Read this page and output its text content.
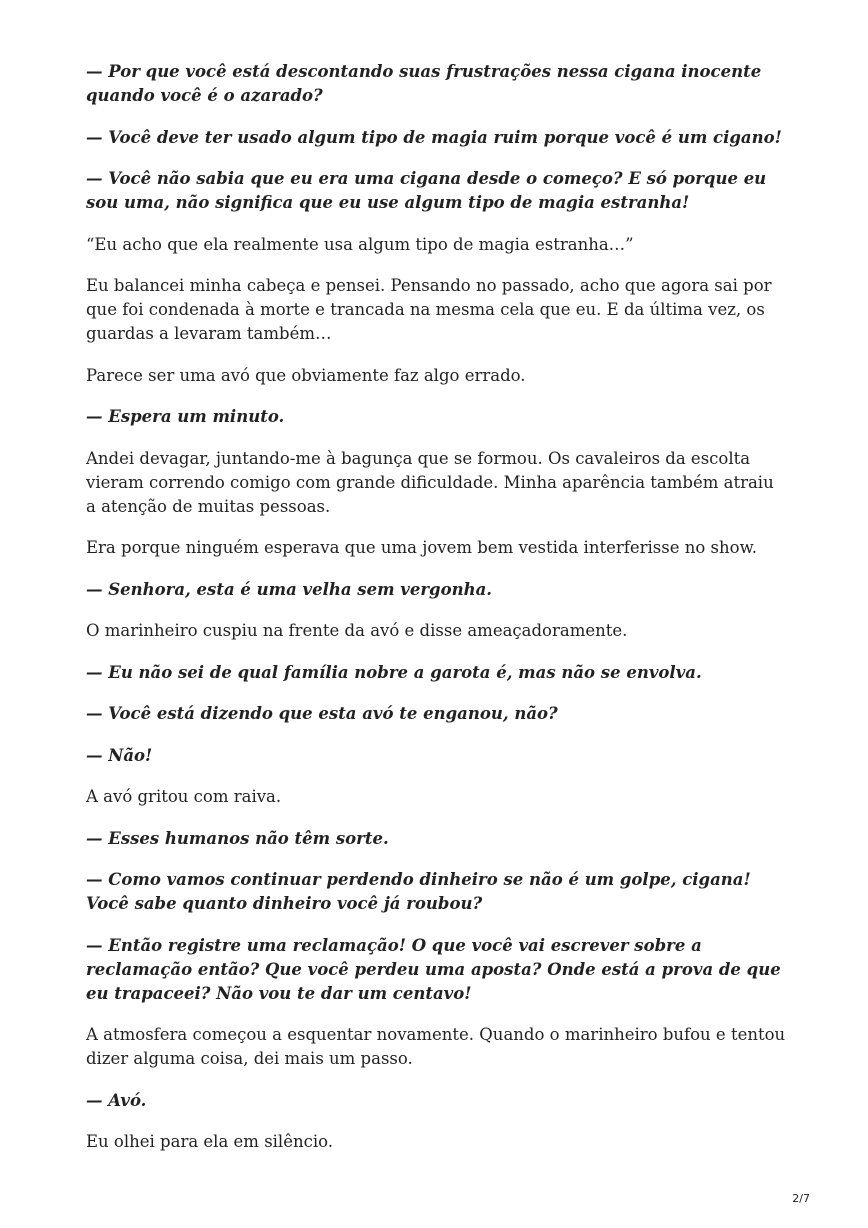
— Por que você está descontando suas frustrações nessa cigana inocente quando você é o azarado?

— Você deve ter usado algum tipo de magia ruim porque você é um cigano!

— Você não sabia que eu era uma cigana desde o começo? E só porque eu sou uma, não significa que eu use algum tipo de magia estranha!

“Eu acho que ela realmente usa algum tipo de magia estranha…”

Eu balancei minha cabeça e pensei. Pensando no passado, acho que agora sai por que foi condenada à morte e trancada na mesma cela que eu. E da última vez, os guardas a levaram também…

Parece ser uma avó que obviamente faz algo errado.

— Espera um minuto.

Andei devagar, juntando-me à bagunça que se formou. Os cavaleiros da escolta vieram correndo comigo com grande dificuldade. Minha aparência também atraiu a atenção de muitas pessoas.

Era porque ninguém esperava que uma jovem bem vestida interferisse no show.

— Senhora, esta é uma velha sem vergonha.

O marinheiro cuspiu na frente da avó e disse ameaçadoramente.

— Eu não sei de qual família nobre a garota é, mas não se envolva.

— Você está dizendo que esta avó te enganou, não?

— Não!

A avó gritou com raiva.

— Esses humanos não têm sorte.

— Como vamos continuar perdendo dinheiro se não é um golpe, cigana! Você sabe quanto dinheiro você já roubou?

— Então registre uma reclamação! O que você vai escrever sobre a reclamação então? Que você perdeu uma aposta? Onde está a prova de que eu trapaceei? Não vou te dar um centavo!

A atmosfera começou a esquentar novamente. Quando o marinheiro bufou e tentou dizer alguma coisa, dei mais um passo.

— Avó.

Eu olhei para ela em silêncio.

2/7
